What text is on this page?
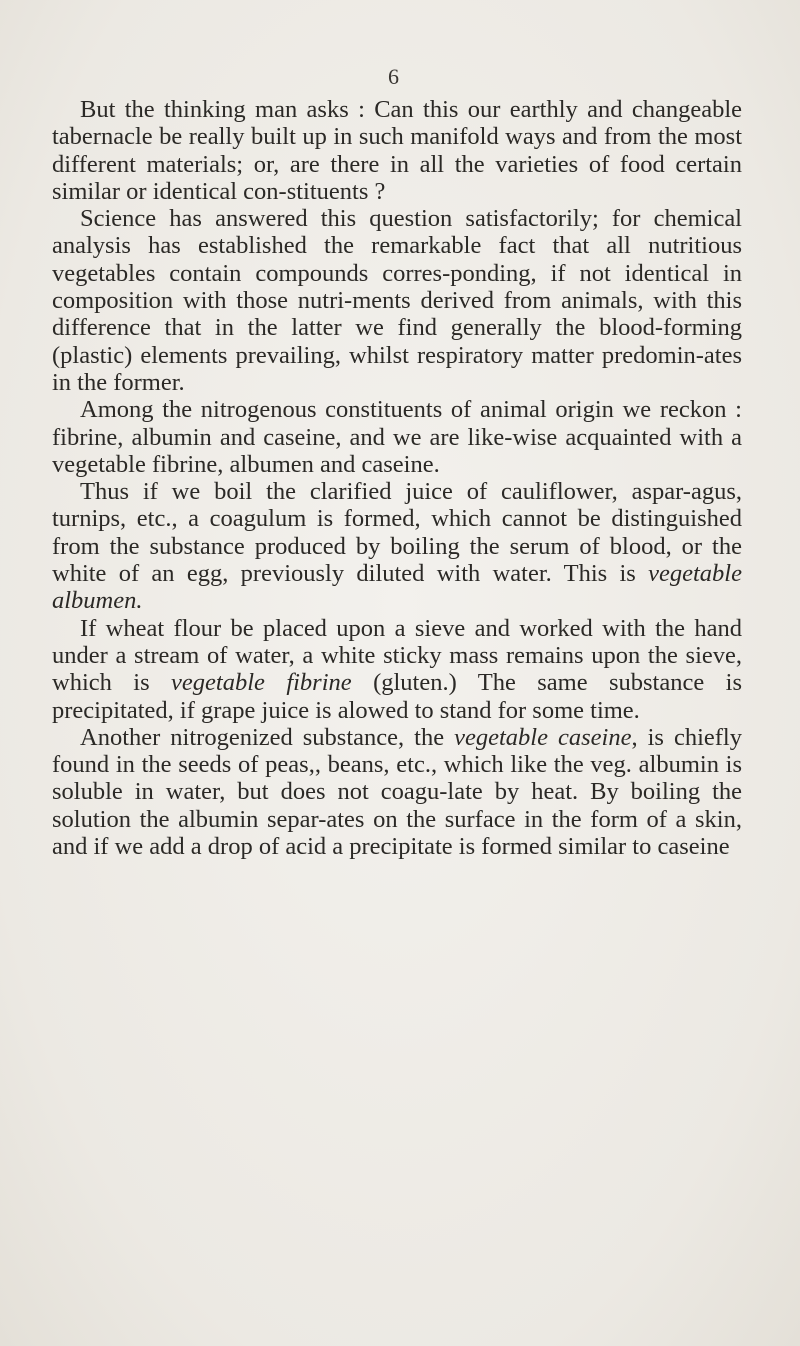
6

But the thinking man asks : Can this our earthly and changeable tabernacle be really built up in such manifold ways and from the most different materials; or, are there in all the varieties of food certain similar or identical con-stituents ?

Science has answered this question satisfactorily; for chemical analysis has established the remarkable fact that all nutritious vegetables contain compounds corres-ponding, if not identical in composition with those nutri-ments derived from animals, with this difference that in the latter we find generally the blood-forming (plastic) elements prevailing, whilst respiratory matter predomin-ates in the former.

Among the nitrogenous constituents of animal origin we reckon : fibrine, albumin and caseine, and we are like-wise acquainted with a vegetable fibrine, albumen and caseine.

Thus if we boil the clarified juice of cauliflower, aspar-agus, turnips, etc., a coagulum is formed, which cannot be distinguished from the substance produced by boiling the serum of blood, or the white of an egg, previously diluted with water. This is vegetable albumen.

If wheat flour be placed upon a sieve and worked with the hand under a stream of water, a white sticky mass remains upon the sieve, which is vegetable fibrine (gluten.) The same substance is precipitated, if grape juice is alowed to stand for some time.

Another nitrogenized substance, the vegetable caseine, is chiefly found in the seeds of peas,, beans, etc., which like the veg. albumin is soluble in water, but does not coagu-late by heat. By boiling the solution the albumin separ-ates on the surface in the form of a skin, and if we add a drop of acid a precipitate is formed similar to caseine
